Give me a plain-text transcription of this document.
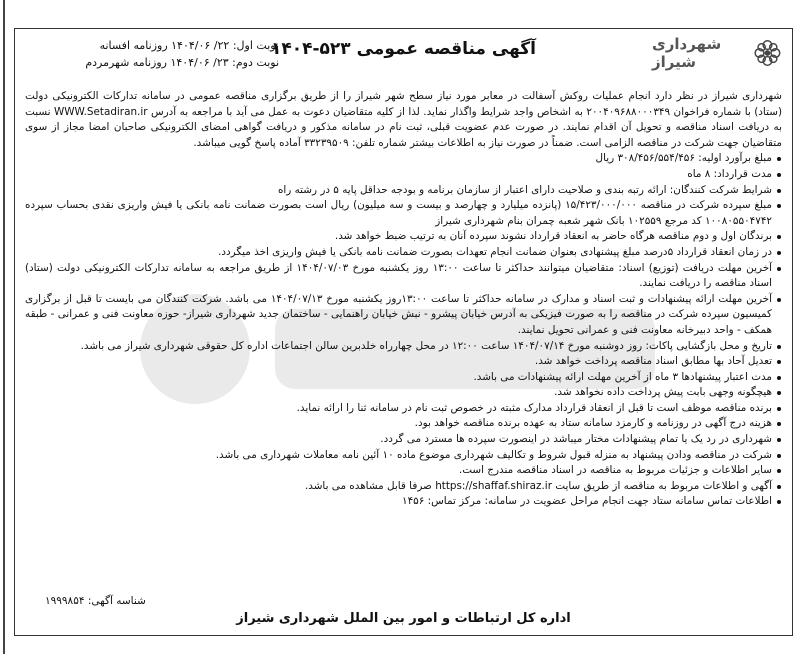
شهرداری شیراز
آگهی مناقصه عمومی ۵۲۳-۱۴۰۴
نوبت اول: ۲۲/ ۱۴۰۴/۰۶ روزنامه افسانه
نوبت دوم: ۲۳/ ۱۴۰۴/۰۶ روزنامه شهرمردم

شهرداری شیراز در نظر دارد انجام عملیات روکش آسفالت در معابر مورد نیاز سطح شهر شیراز را از طریق برگزاری مناقصه عمومی در سامانه تدارکات الکترونیکی دولت (ستاد) با شماره فراخوان ۲۰۰۴۰۹۶۸۸۰۰۰۳۴۹ به اشخاص واجد شرایط واگذار نماید. لذا از کلیه متقاضیان دعوت به عمل می آید با مراجعه به آدرس WWW.Setadiran.ir نسبت به دریافت اسناد مناقصه و تحویل آن اقدام نمایند. در صورت عدم عضویت قبلی، ثبت نام در سامانه مذکور و دریافت گواهی امضای الکترونیکی صاحبان امضا مجاز از سوی متقاضیان جهت شرکت در مناقصه الزامی است. ضمناً در صورت نیاز به اطلاعات بیشتر شماره تلفن: ۳۳۲۳۹۵۰۹ آماده پاسخ گویی میباشد.

مبلغ برآورد اولیه: ۳۰۸/۴۵۶/۵۵۴/۴۵۶ ریال
مدت قرارداد: ۸ ماه
شرایط شرکت کنندگان: ارائه رتبه بندی و صلاحیت دارای اعتبار از سازمان برنامه و بودجه حداقل پایه ۵ در رشته راه
مبلغ سپرده شرکت در مناقصه ۱۵/۴۲۳/۰۰۰/۰۰۰ (پانزده میلیارد و چهارصد و بیست و سه میلیون) ریال است بصورت ضمانت نامه بانکی یا فیش واریزی نقدی بحساب سپرده ۱۰۰۸۰۵۵۰۴۷۴۲ کد مرجع ۱۰۲۵۵۹ بانک شهر شعبه چمران بنام شهرداری شیراز
برندگان اول و دوم مناقصه هرگاه حاضر به انعقاد قرارداد نشوند سپرده آنان به ترتیب ضبط خواهد شد.
در زمان انعقاد قرارداد ۵درصد مبلغ پیشنهادی بعنوان ضمانت انجام تعهدات بصورت ضمانت نامه بانکی یا فیش واریزی اخذ میگردد.
آخرین مهلت دریافت (توزیع) اسناد: متقاضیان میتوانند حداکثر تا ساعت ۱۳:۰۰ روز یکشنبه مورخ ۱۴۰۴/۰۷/۰۳ از طریق مراجعه به سامانه تدارکات الکترونیکی دولت (ستاد) اسناد مناقصه را دریافت نمایند.
آخرین مهلت ارائه پیشنهادات و ثبت اسناد و مدارک در سامانه حداکثر تا ساعت ۱۳:۰۰روز یکشنبه مورخ ۱۴۰۴/۰۷/۱۳ می باشد. شرکت کنندگان می بایست تا قبل از برگزاری کمیسیون سپرده شرکت در مناقصه را به صورت فیزیکی به آدرس خیابان پیشرو - نبش خیابان راهنمایی - ساختمان جدید شهرداری شیراز- حوزه معاونت فنی و عمرانی - طبقه همکف - واحد دبیرخانه معاونت فنی و عمرانی تحویل نمایند.
تاریخ و محل بازگشایی پاکات: روز دوشنبه مورخ ۱۴۰۴/۰۷/۱۴ ساعت ۱۲:۰۰ در محل چهارراه خلدبرین سالن اجتماعات اداره کل حقوقی شهرداری شیراز می باشد.
تعدیل آحاد بها مطابق اسناد مناقصه پرداخت خواهد شد.
مدت اعتبار پیشنهادها ۳ ماه از آخرین مهلت ارائه پیشنهادات می باشد.
هیچگونه وجهی بابت پیش پرداخت داده نخواهد شد.
برنده مناقصه موظف است تا قبل از انعقاد قرارداد مدارک مثبته در خصوص ثبت نام در سامانه ثنا را ارائه نماید.
هزینه درج آگهی در روزنامه و کارمزد سامانه ستاد به عهده برنده مناقصه خواهد بود.
شهرداری در رد یک یا تمام پیشنهادات مختار میباشد در اینصورت سپرده ها مسترد می گردد.
شرکت در مناقصه ودادن پیشنهاد به منزله قبول شروط و تکالیف شهرداری موضوع ماده ۱۰ آئین نامه معاملات شهرداری می باشد.
سایر اطلاعات و جزئیات مربوط به مناقصه در اسناد مناقصه مندرج است.
آگهی و اطلاعات مربوط به مناقصه از طریق سایت https://shaffaf.shiraz.ir صرفا قابل مشاهده می باشد.
اطلاعات تماس سامانه ستاد جهت انجام مراحل عضویت در سامانه: مرکز تماس: ۱۴۵۶
شناسه آگهی: ۱۹۹۹۸۵۴
اداره کل ارتباطات و امور بین الملل شهرداری شیراز
